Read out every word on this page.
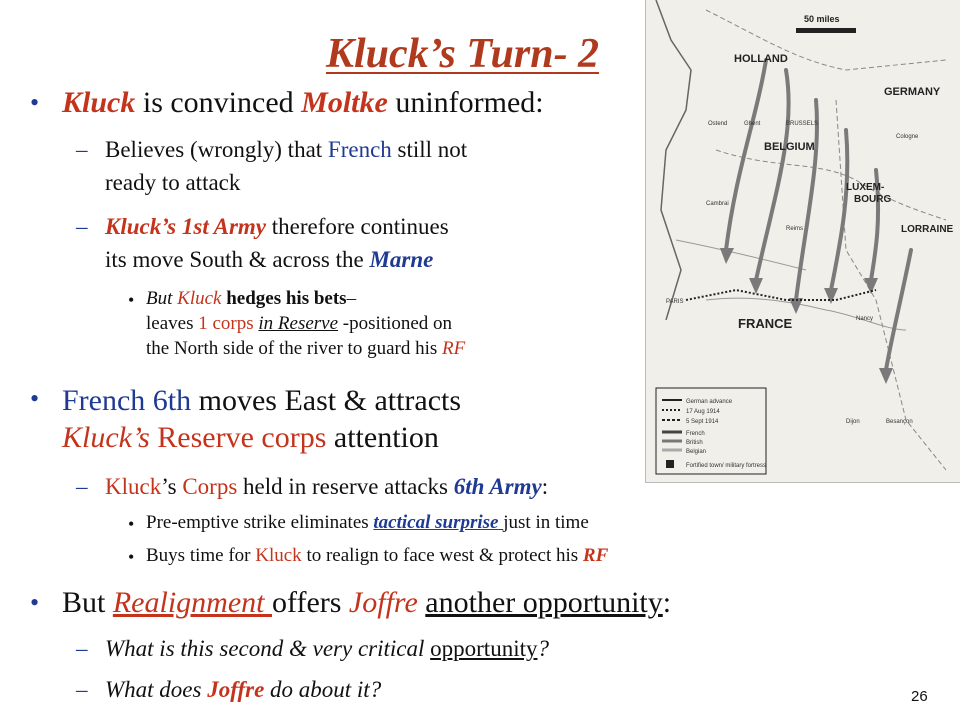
50 miles
HOLLAND
GERMANY
BELGIUM
LUXEM-
BOURG
LORRAINE
FRANCE
Ostend	Ghent	BRUSSELS
Cologne
Cambrai
Reims
PARIS
Nancy
Dijon	Besançon
German advance
17 Aug 1914
5 Sept 1914
French
British
Belgian
Fortified town/ military fortress
Kluck’s Turn- 2
• Kluck is convinced Moltke uninformed:
– Believes (wrongly) that French still not
ready to attack
– Kluck’s 1st Army therefore continues
its move South & across the Marne
• But Kluck hedges his bets–
leaves 1 corps in Reserve -positioned on
the North side of the river to guard his RF
• French 6th moves East & attracts
Kluck’s Reserve corps attention
– Kluck’s Corps held in reserve attacks 6th Army:
• Pre-emptive strike eliminates tactical surprise just in time
• Buys time for Kluck to realign to face west & protect his RF
• But Realignment offers Joffre another opportunity:
– What is this second & very critical opportunity?
– What does Joffre do about it?	26
